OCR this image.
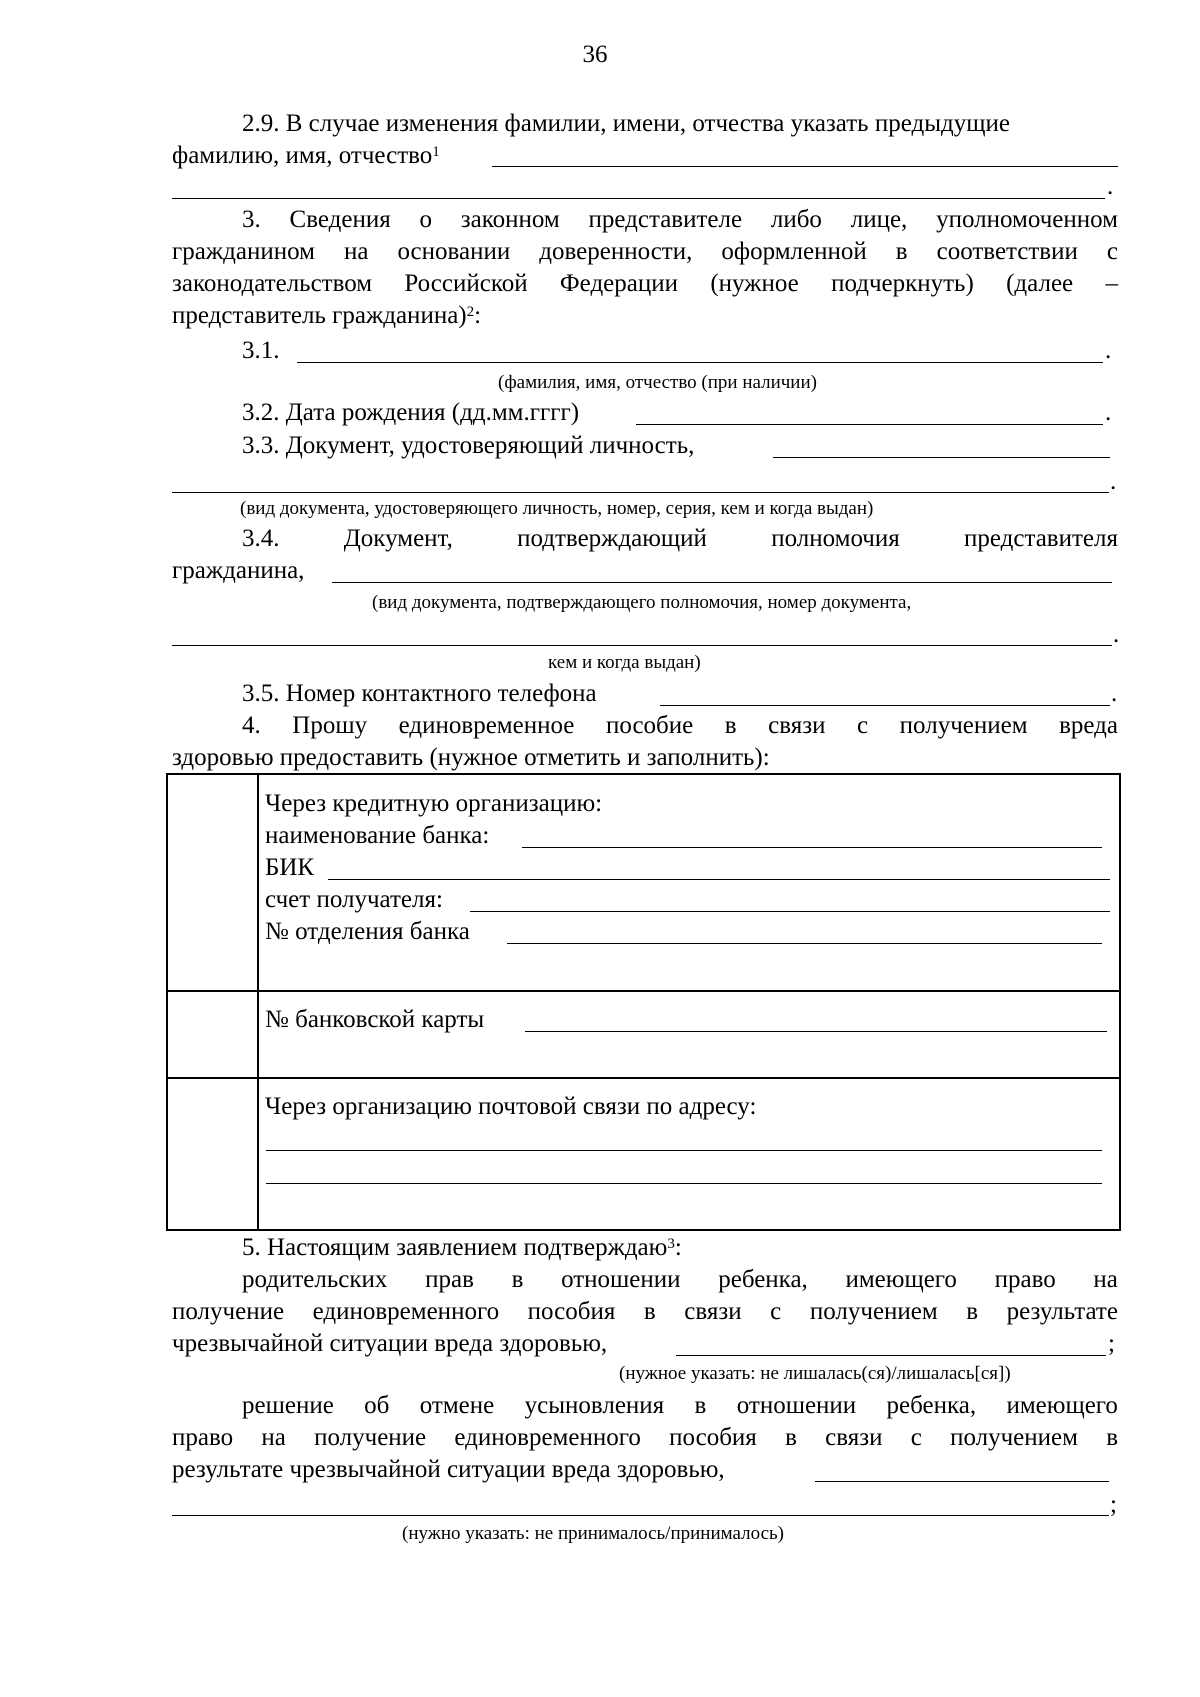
36
2.9. В случае изменения фамилии, имени, отчества указать предыдущие
фамилию, имя, отчество$^1$
.
3. Сведения о законном представителе либо лице, уполномоченном
гражданином на основании доверенности, оформленной в соответствии с
законодательством Российской Федерации (нужное подчеркнуть) (далее –
представитель гражданина)$^2$:
3.1.	.
(фамилия, имя, отчество (при наличии)
3.2. Дата рождения (дд.мм.гггг)	.
3.3. Документ, удостоверяющий личность,
.
(вид документа, удостоверяющего личность, номер, серия, кем и когда выдан)
3.4.	Документ,	подтверждающий	полномочия	представителя
гражданина,
(вид документа, подтверждающего полномочия, номер документа,
.
кем и когда выдан)
3.5. Номер контактного телефона	.
4. Прошу единовременное пособие в связи с получением вреда
здоровью предоставить (нужное отметить и заполнить):
Через кредитную организацию:
наименование банка:
БИК
счет получателя:
№ отделения банка
№ банковской карты
Через организацию почтовой связи по адресу:
5. Настоящим заявлением подтверждаю$^3$:
родительских прав в отношении ребенка, имеющего право на
получение единовременного пособия в связи с получением в результате
чрезвычайной ситуации вреда здоровью,	;
(нужное указать: не лишалась(ся)/лишалась[ся])
решение об отмене усыновления в отношении ребенка, имеющего
право на получение единовременного пособия в связи с получением в
результате чрезвычайной ситуации вреда здоровью,
;
(нужно указать: не принималось/принималось)
